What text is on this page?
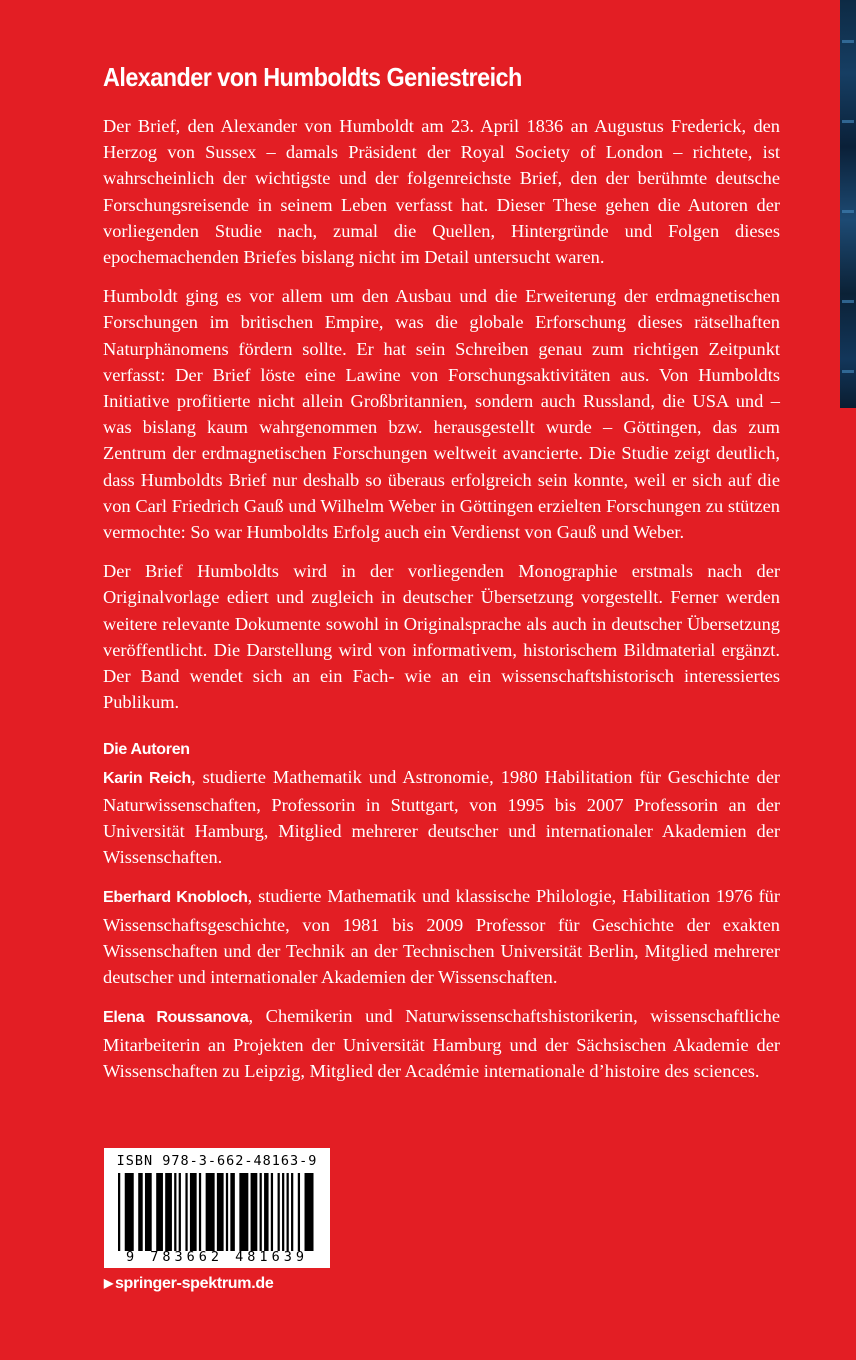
Alexander von Humboldts Geniestreich

Der Brief, den Alexander von Humboldt am 23. April 1836 an Augustus Frederick, den Herzog von Sussex – damals Präsident der Royal Society of London – richtete, ist wahrscheinlich der wichtigste und der folgenreichste Brief, den der berühmte deutsche Forschungsreisende in seinem Leben verfasst hat. Dieser These gehen die Autoren der vorliegenden Studie nach, zumal die Quellen, Hintergründe und Folgen dieses epochemachenden Briefes bislang nicht im Detail untersucht waren.

Humboldt ging es vor allem um den Ausbau und die Erweiterung der erdmagnetischen Forschungen im britischen Empire, was die globale Erforschung dieses rätselhaften Naturphänomens fördern sollte. Er hat sein Schreiben genau zum richtigen Zeitpunkt verfasst: Der Brief löste eine Lawine von Forschungsaktivitäten aus. Von Humboldts Initiative profitierte nicht allein Großbritannien, sondern auch Russland, die USA und – was bislang kaum wahrgenommen bzw. herausgestellt wurde – Göttingen, das zum Zentrum der erdmagnetischen Forschungen weltweit avancierte. Die Studie zeigt deutlich, dass Humboldts Brief nur deshalb so überaus erfolgreich sein konnte, weil er sich auf die von Carl Friedrich Gauß und Wilhelm Weber in Göttingen erzielten Forschungen zu stützen vermochte: So war Humboldts Erfolg auch ein Verdienst von Gauß und Weber.

Der Brief Humboldts wird in der vorliegenden Monographie erstmals nach der Originalvorlage ediert und zugleich in deutscher Übersetzung vorgestellt. Ferner werden weitere relevante Dokumente sowohl in Originalsprache als auch in deutscher Übersetzung veröffentlicht. Die Darstellung wird von informativem, historischem Bildmaterial ergänzt. Der Band wendet sich an ein Fach- wie an ein wissenschaftshistorisch interessiertes Publikum.

Die Autoren

Karin Reich, studierte Mathematik und Astronomie, 1980 Habilitation für Geschichte der Naturwissenschaften, Professorin in Stuttgart, von 1995 bis 2007 Professorin an der Universität Hamburg, Mitglied mehrerer deutscher und internationaler Akademien der Wissenschaften.

Eberhard Knobloch, studierte Mathematik und klassische Philologie, Habilitation 1976 für Wissenschaftsgeschichte, von 1981 bis 2009 Professor für Geschichte der exakten Wissenschaften und der Technik an der Technischen Universität Berlin, Mitglied mehrerer deutscher und internationaler Akademien der Wissenschaften.

Elena Roussanova, Chemikerin und Naturwissenschaftshistorikerin, wissenschaftliche Mitarbeiterin an Projekten der Universität Hamburg und der Sächsischen Akademie der Wissenschaften zu Leipzig, Mitglied der Académie internationale d’histoire des sciences.

ISBN 978-3-662-48163-9
9 783662 481639
▶ springer-spektrum.de
